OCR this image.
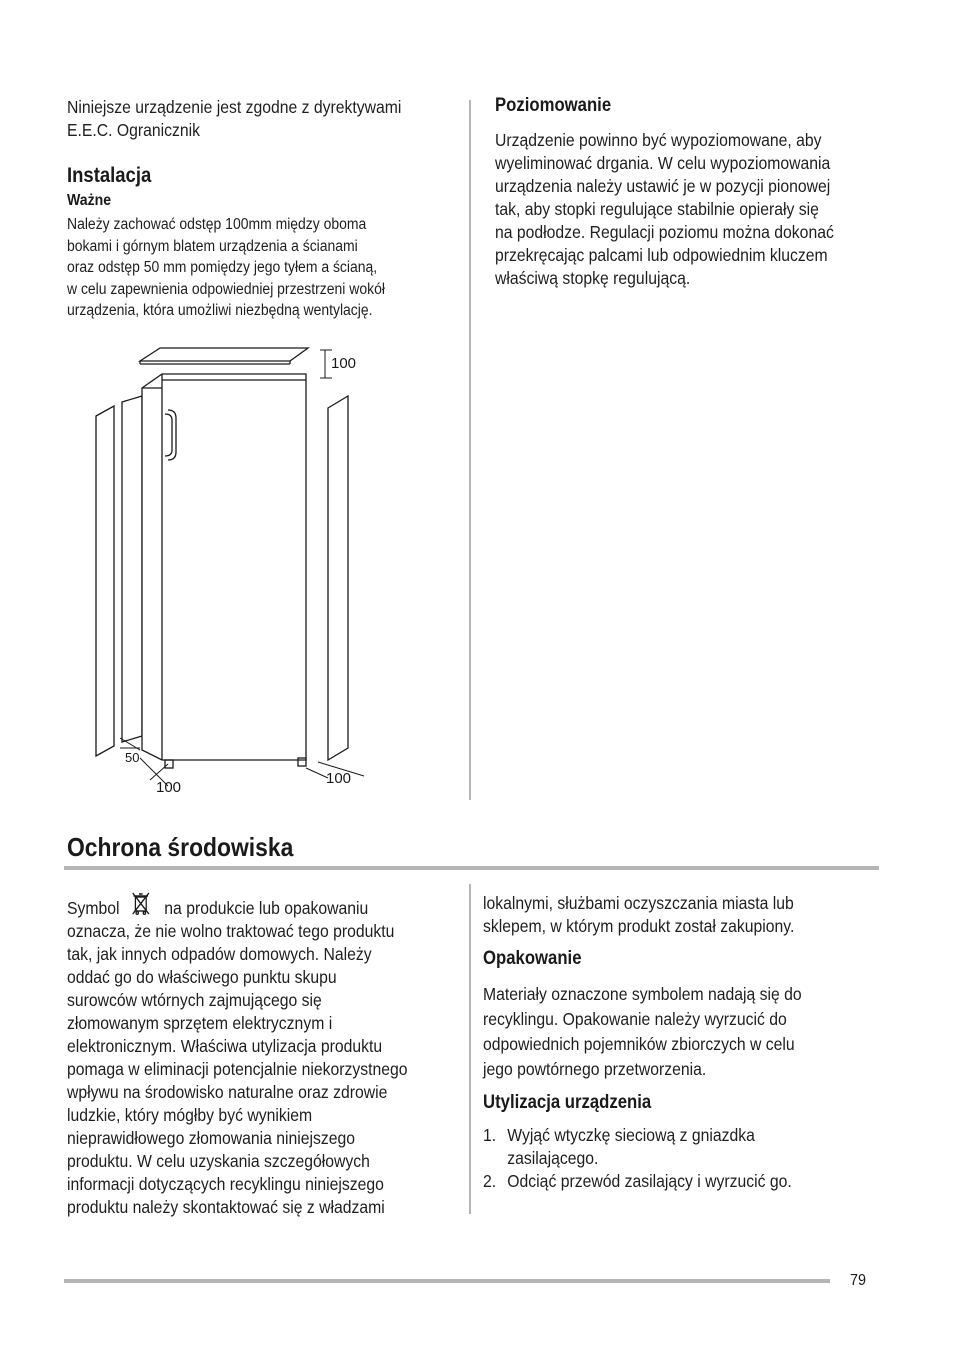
Niniejsze urządzenie jest zgodne z dyrektywami
E.E.C. Ogranicznik
Instalacja
Ważne
Należy zachować odstęp 100mm między oboma
bokami i górnym blatem urządzenia a ścianami
oraz odstęp 50 mm pomiędzy jego tyłem a ścianą,
w celu zapewnienia odpowiedniej przestrzeni wokół
urządzenia, która umożliwi niezbędną wentylację.
100
50
100
100
Poziomowanie
Urządzenie powinno być wypoziomowane, aby
wyeliminować drgania. W celu wypoziomowania
urządzenia należy ustawić je w pozycji pionowej
tak, aby stopki regulujące stabilnie opierały się
na podłodze. Regulacji poziomu można dokonać
przekręcając palcami lub odpowiednim kluczem
właściwą stopkę regulującą.
Ochrona środowiska
Symbol	na produkcie lub opakowaniu
oznacza, że nie wolno traktować tego produktu
tak, jak innych odpadów domowych. Należy
oddać go do właściwego punktu skupu
surowców wtórnych zajmującego się
złomowanym sprzętem elektrycznym i
elektronicznym. Właściwa utylizacja produktu
pomaga w eliminacji potencjalnie niekorzystnego
wpływu na środowisko naturalne oraz zdrowie
ludzkie, który mógłby być wynikiem
nieprawidłowego złomowania niniejszego
produktu. W celu uzyskania szczegółowych
informacji dotyczących recyklingu niniejszego
produktu należy skontaktować się z władzami
lokalnymi, służbami oczyszczania miasta lub
sklepem, w którym produkt został zakupiony.
Opakowanie
Materiały oznaczone symbolem nadają się do
recyklingu. Opakowanie należy wyrzucić do
odpowiednich pojemników zbiorczych w celu
jego powtórnego przetworzenia.
Utylizacja urządzenia
1. Wyjąć wtyczkę sieciową z gniazdka
zasilającego.
2. Odciąć przewód zasilający i wyrzucić go.
79
